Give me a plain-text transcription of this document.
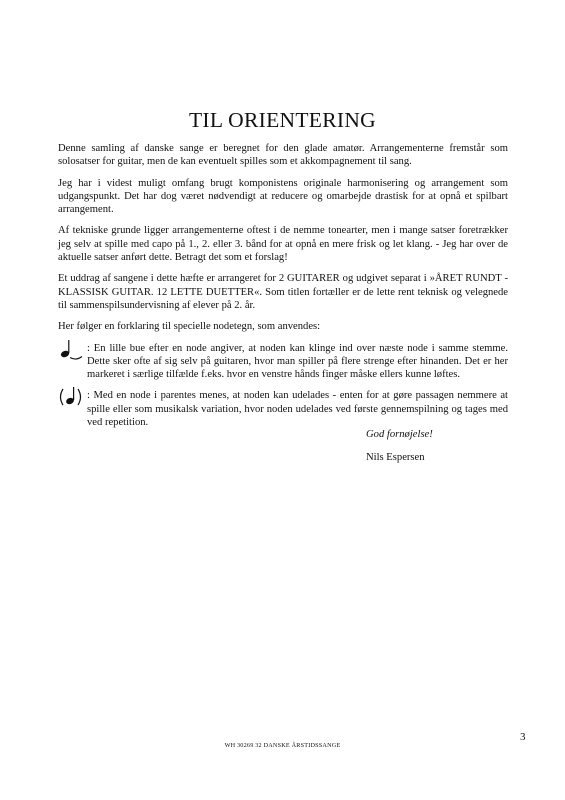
TIL ORIENTERING

Denne samling af danske sange er beregnet for den glade amatør. Arrangementerne fremstår som solosatser for guitar, men de kan eventuelt spilles som et akkompagnement til sang.

Jeg har i videst muligt omfang brugt komponistens originale harmonisering og arrangement som udgangspunkt. Det har dog været nødvendigt at reducere og omarbejde drastisk for at opnå et spilbart arrangement.

Af tekniske grunde ligger arrangementerne oftest i de nemme tonearter, men i mange satser foretrækker jeg selv at spille med capo på 1., 2. eller 3. bånd for at opnå en mere frisk og let klang. - Jeg har over de aktuelle satser anført dette. Betragt det som et forslag!

Et uddrag af sangene i dette hæfte er arrangeret for 2 GUITARER og udgivet separat i »ÅRET RUNDT - KLASSISK GUITAR. 12 LETTE DUETTER«. Som titlen fortæller er de lette rent teknisk og velegnede til sammenspilsundervisning af elever på 2. år.

Her følger en forklaring til specielle nodetegn, som anvendes:

: En lille bue efter en node angiver, at noden kan klinge ind over næste node i samme stemme. Dette sker ofte af sig selv på guitaren, hvor man spiller på flere strenge efter hinanden. Det er her markeret i særlige tilfælde f.eks. hvor en venstre hånds finger måske ellers kunne løftes.
: Med en node i parentes menes, at noden kan udelades - enten for at gøre passagen nemmere at spille eller som musikalsk variation, hvor noden udelades ved første gennemspilning og tages med ved repetition.
God fornøjelse!
Nils Espersen
3
WH 30269 32 DANSKE ÅRSTIDSSANGE
